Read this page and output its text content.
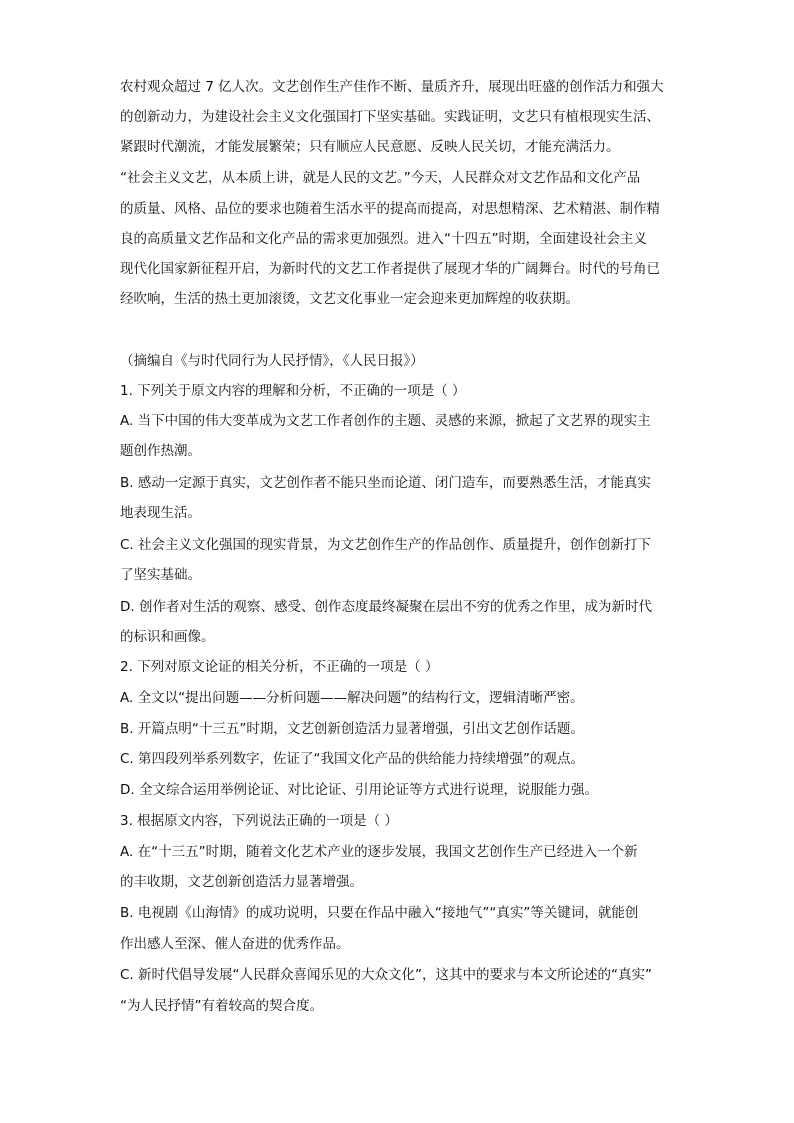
农村观众超过 7 亿人次。文艺创作生产佳作不断、量质齐升，展现出旺盛的创作活力和强大
的创新动力，为建设社会主义文化强国打下坚实基础。实践证明，文艺只有植根现实生活、
紧跟时代潮流，才能发展繁荣；只有顺应人民意愿、反映人民关切，才能充满活力。
“社会主义文艺，从本质上讲，就是人民的文艺。”今天，人民群众对文艺作品和文化产品
的质量、风格、品位的要求也随着生活水平的提高而提高，对思想精深、艺术精湛、制作精
良的高质量文艺作品和文化产品的需求更加强烈。进入“十四五”时期，全面建设社会主义
现代化国家新征程开启，为新时代的文艺工作者提供了展现才华的广阔舞台。时代的号角已
经吹响，生活的热土更加滚烫，文艺文化事业一定会迎来更加辉煌的收获期。
（摘编自《与时代同行为人民抒情》，《人民日报》）
1. 下列关于原文内容的理解和分析，不正确的一项是（ ）
A. 当下中国的伟大变革成为文艺工作者创作的主题、灵感的来源，掀起了文艺界的现实主
题创作热潮。
B. 感动一定源于真实，文艺创作者不能只坐而论道、闭门造车，而要熟悉生活，才能真实
地表现生活。
C. 社会主义文化强国的现实背景，为文艺创作生产的作品创作、质量提升，创作创新打下
了坚实基础。
D. 创作者对生活的观察、感受、创作态度最终凝聚在层出不穷的优秀之作里，成为新时代
的标识和画像。
2. 下列对原文论证的相关分析，不正确的一项是（ ）
A. 全文以“提出问题——分析问题——解决问题”的结构行文，逻辑清晰严密。
B. 开篇点明“十三五”时期，文艺创新创造活力显著增强，引出文艺创作话题。
C. 第四段列举系列数字，佐证了“我国文化产品的供给能力持续增强”的观点。
D. 全文综合运用举例论证、对比论证、引用论证等方式进行说理，说服能力强。
3. 根据原文内容，下列说法正确的一项是（ ）
A. 在“十三五”时期，随着文化艺术产业的逐步发展，我国文艺创作生产已经进入一个新
的丰收期，文艺创新创造活力显著增强。
B. 电视剧《山海情》的成功说明，只要在作品中融入“接地气”“真实”等关键词，就能创
作出感人至深、催人奋进的优秀作品。
C. 新时代倡导发展“人民群众喜闻乐见的大众文化”，这其中的要求与本文所论述的“真实”
“为人民抒情”有着较高的契合度。
